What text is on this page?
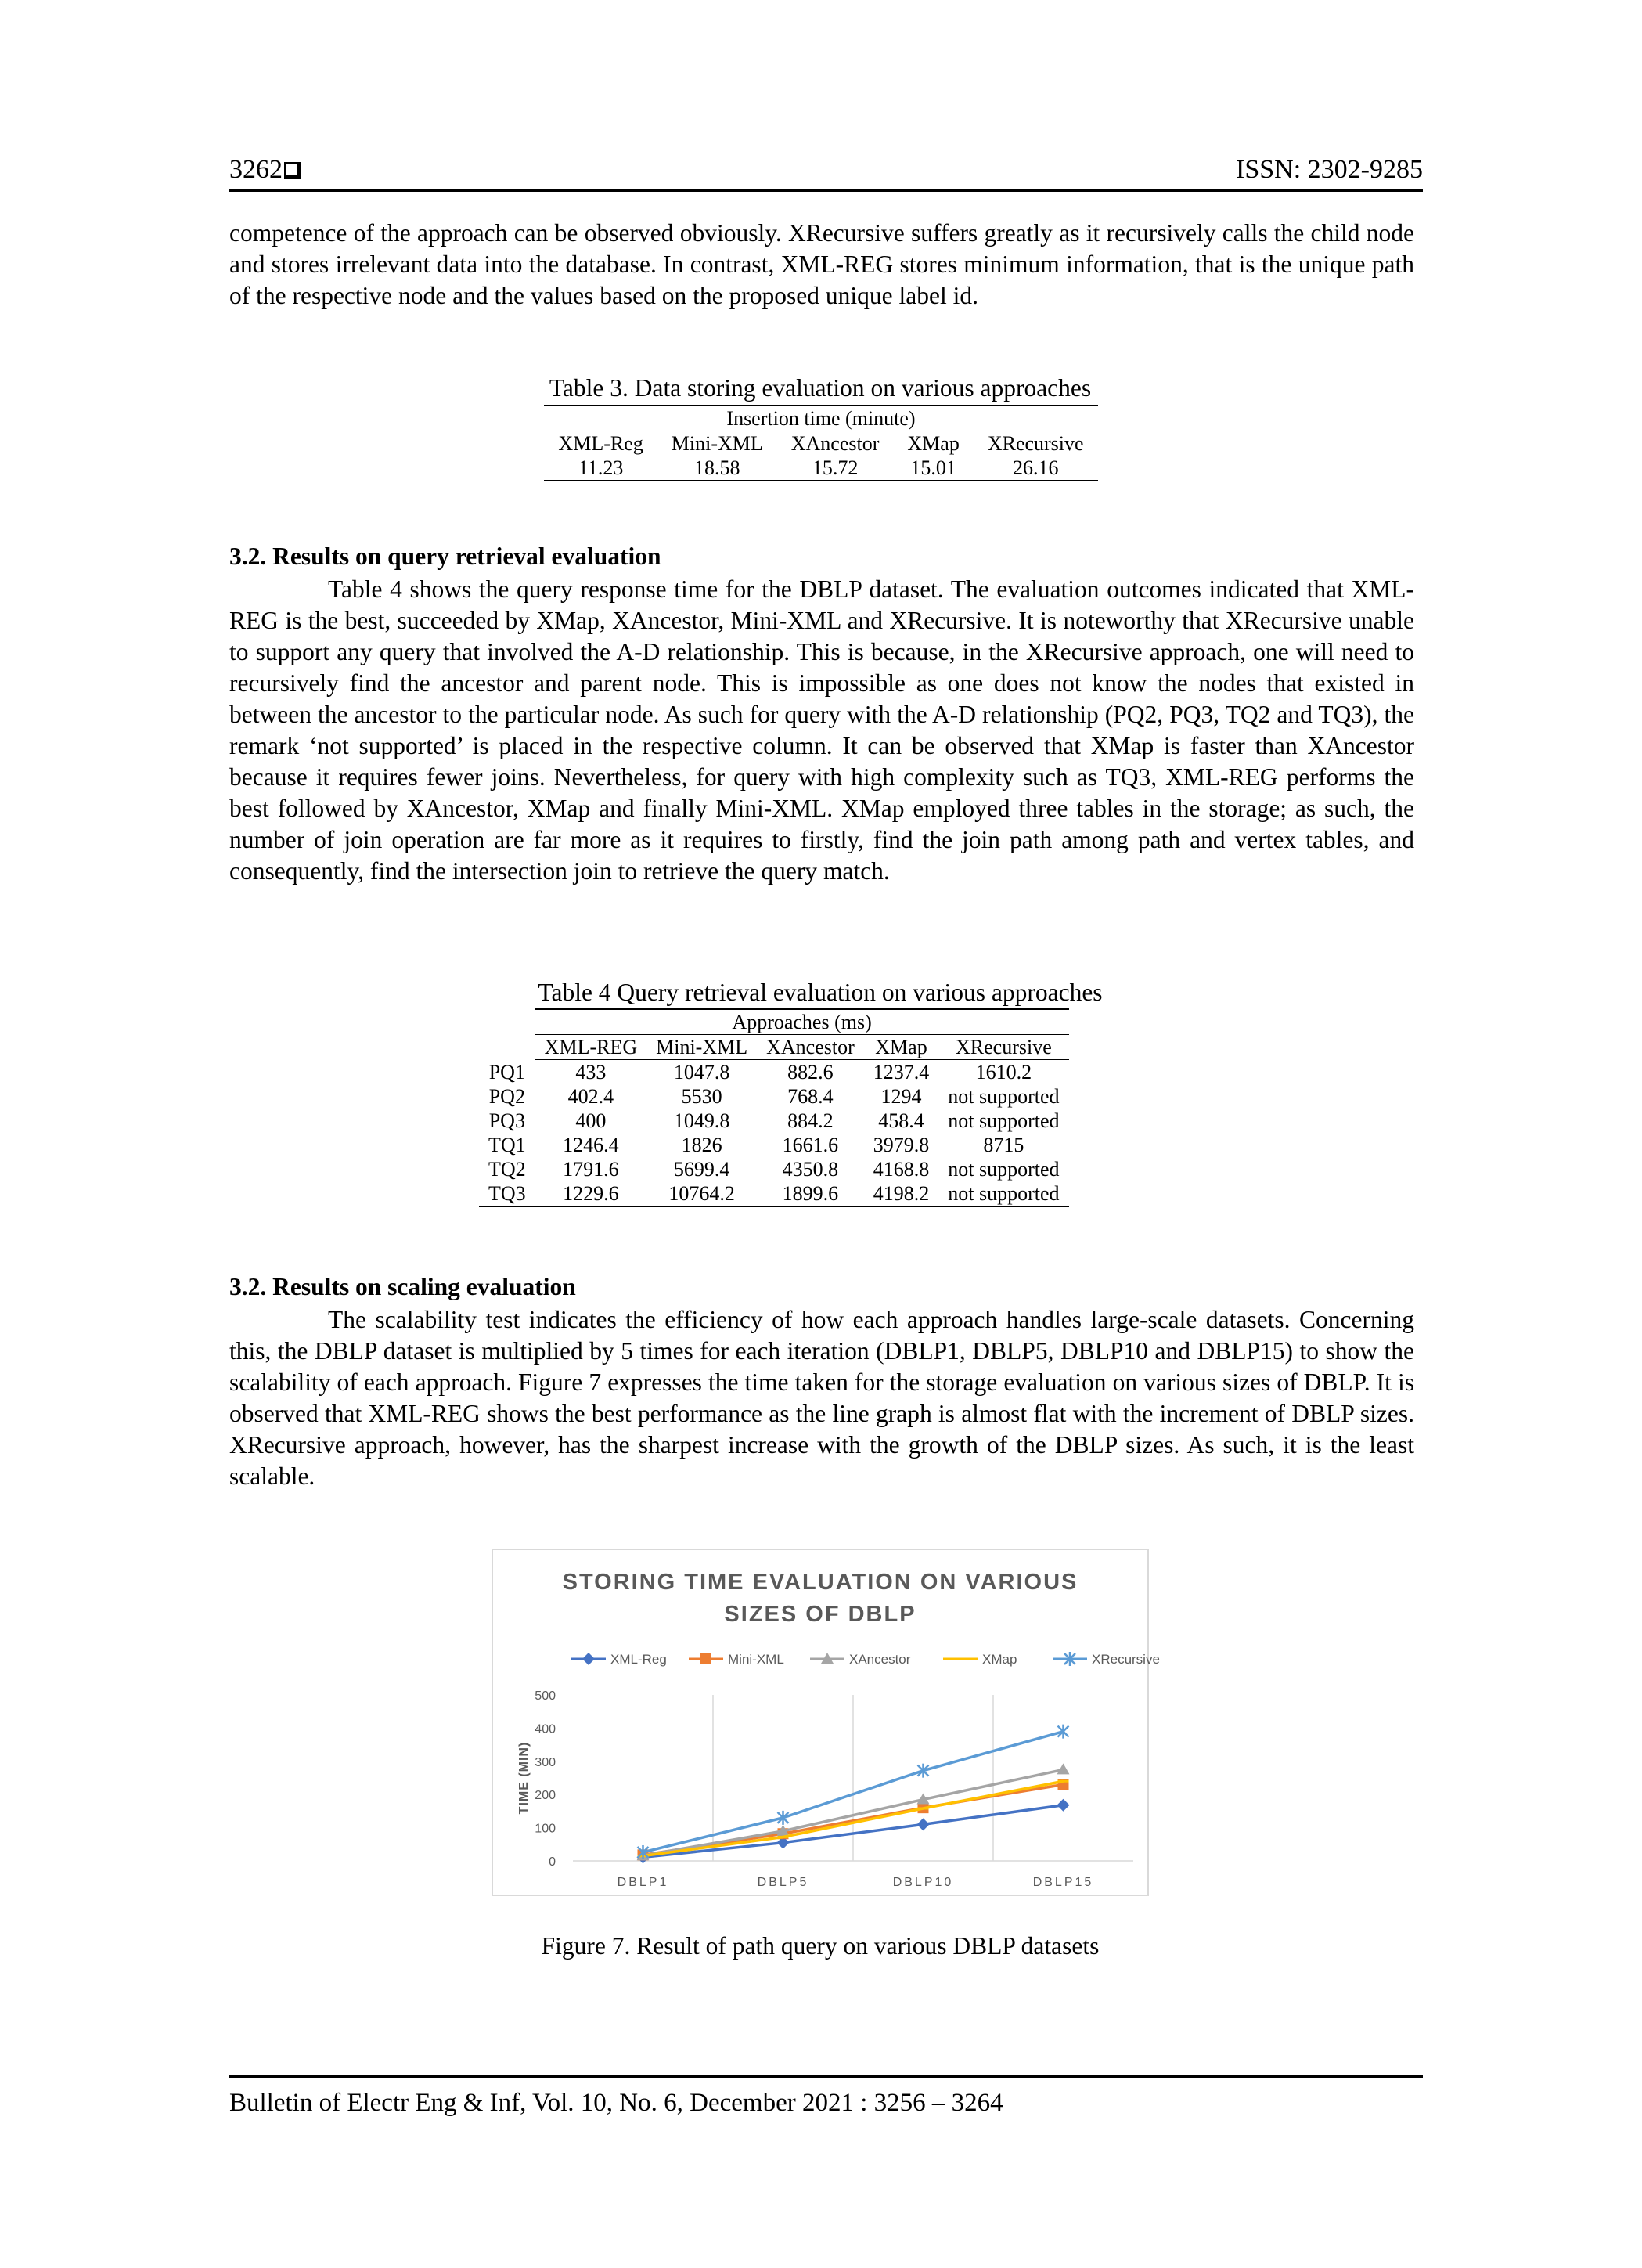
3262	ISSN: 2302-9285
competence of the approach can be observed obviously. XRecursive suffers greatly as it recursively calls the child node and stores irrelevant data into the database. In contrast, XML-REG stores minimum information, that is the unique path of the respective node and the values based on the proposed unique label id.
Table 3. Data storing evaluation on various approaches
Insertion time (minute)				
XML-Reg	Mini-XML	XAncestor	XMap	XRecursive
11.23	18.58	15.72	15.01	26.16
3.2. Results on query retrieval evaluation
Table 4 shows the query response time for the DBLP dataset. The evaluation outcomes indicated that XML-REG is the best, succeeded by XMap, XAncestor, Mini-XML and XRecursive. It is noteworthy that XRecursive unable to support any query that involved the A-D relationship. This is because, in the XRecursive approach, one will need to recursively find the ancestor and parent node. This is impossible as one does not know the nodes that existed in between the ancestor to the particular node. As such for query with the A-D relationship (PQ2, PQ3, TQ2 and TQ3), the remark ‘not supported’ is placed in the respective column. It can be observed that XMap is faster than XAncestor because it requires fewer joins. Nevertheless, for query with high complexity such as TQ3, XML-REG performs the best followed by XAncestor, XMap and finally Mini-XML. XMap employed three tables in the storage; as such, the number of join operation are far more as it requires to firstly, find the join path among path and vertex tables, and consequently, find the intersection join to retrieve the query match.
Table 4 Query retrieval evaluation on various approaches
	Approaches (ms)				
	XML-REG	Mini-XML	XAncestor	XMap	XRecursive
PQ1	433	1047.8	882.6	1237.4	1610.2
PQ2	402.4	5530	768.4	1294	not supported
PQ3	400	1049.8	884.2	458.4	not supported
TQ1	1246.4	1826	1661.6	3979.8	8715
TQ2	1791.6	5699.4	4350.8	4168.8	not supported
TQ3	1229.6	10764.2	1899.6	4198.2	not supported
3.2. Results on scaling evaluation
The scalability test indicates the efficiency of how each approach handles large-scale datasets. Concerning this, the DBLP dataset is multiplied by 5 times for each iteration (DBLP1, DBLP5, DBLP10 and DBLP15) to show the scalability of each approach. Figure 7 expresses the time taken for the storage evaluation on various sizes of DBLP. It is observed that XML-REG shows the best performance as the line graph is almost flat with the increment of DBLP sizes. XRecursive approach, however, has the sharpest increase with the growth of the DBLP sizes. As such, it is the least scalable.
STORING TIME EVALUATION ON VARIOUS
SIZES OF DBLP
0
100
200
300
400
500
TIME (MIN)
DBLP1	DBLP5	DBLP10	DBLP15
XML-Reg	Mini-XML	XAncestor	XMap	XRecursive
Figure 7. Result of path query on various DBLP datasets
Bulletin of Electr Eng & Inf, Vol. 10, No. 6, December 2021 : 3256 – 3264
